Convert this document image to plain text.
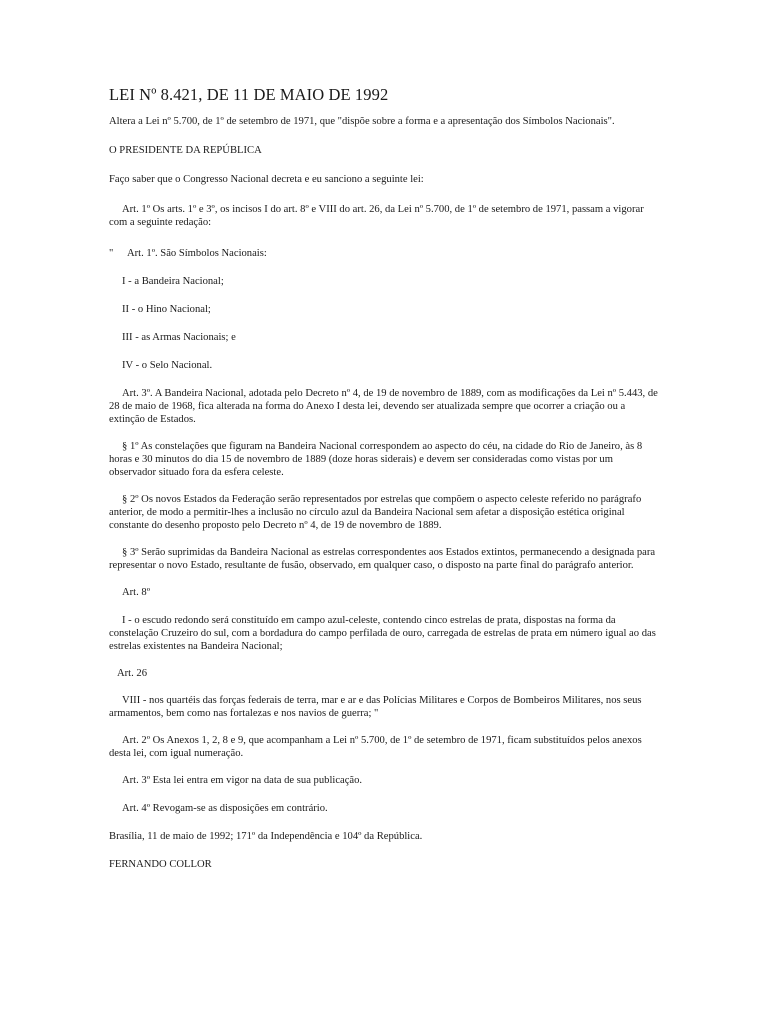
LEI Nº 8.421, DE 11 DE MAIO DE 1992

Altera a Lei nº 5.700, de 1º de setembro de 1971, que "dispõe sobre a forma e a apresentação dos Símbolos Nacionais".

O PRESIDENTE DA REPÚBLICA

Faço saber que o Congresso Nacional decreta e eu sanciono a seguinte lei:

Art. 1º Os arts. 1º e 3º, os incisos I do art. 8º e VIII do art. 26, da Lei nº 5.700, de 1º de setembro de 1971, passam a vigorar com a seguinte redação:

"	Art. 1º. São Símbolos Nacionais:

I - a Bandeira Nacional;

II - o Hino Nacional;

III - as Armas Nacionais; e

IV - o Selo Nacional.

Art. 3º. A Bandeira Nacional, adotada pelo Decreto nº 4, de 19 de novembro de 1889, com as modificações da Lei nº 5.443, de 28 de maio de 1968, fica alterada na forma do Anexo I desta lei, devendo ser atualizada sempre que ocorrer a criação ou a extinção de Estados.

§ 1º As constelações que figuram na Bandeira Nacional correspondem ao aspecto do céu, na cidade do Rio de Janeiro, às 8 horas e 30 minutos do dia 15 de novembro de 1889 (doze horas siderais) e devem ser consideradas como vistas por um observador situado fora da esfera celeste.

§ 2º Os novos Estados da Federação serão representados por estrelas que compõem o aspecto celeste referido no parágrafo anterior, de modo a permitir-lhes a inclusão no círculo azul da Bandeira Nacional sem afetar a disposição estética original constante do desenho proposto pelo Decreto nº 4, de 19 de novembro de 1889.

§ 3º Serão suprimidas da Bandeira Nacional as estrelas correspondentes aos Estados extintos, permanecendo a designada para representar o novo Estado, resultante de fusão, observado, em qualquer caso, o disposto na parte final do parágrafo anterior.

Art. 8º

I - o escudo redondo será constituído em campo azul-celeste, contendo cinco estrelas de prata, dispostas na forma da constelação Cruzeiro do sul, com a bordadura do campo perfilada de ouro, carregada de estrelas de prata em número igual ao das estrelas existentes na Bandeira Nacional;

Art. 26

VIII - nos quartéis das forças federais de terra, mar e ar e das Polícias Militares e Corpos de Bombeiros Militares, nos seus armamentos, bem como nas fortalezas e nos navios de guerra; "

Art. 2º Os Anexos 1, 2, 8 e 9, que acompanham a Lei nº 5.700, de 1º de setembro de 1971, ficam substituídos pelos anexos desta lei, com igual numeração.

Art. 3º Esta lei entra em vigor na data de sua publicação.

Art. 4º Revogam-se as disposições em contrário.

Brasília, 11 de maio de 1992; 171º da Independência e 104º da República.

FERNANDO COLLOR
